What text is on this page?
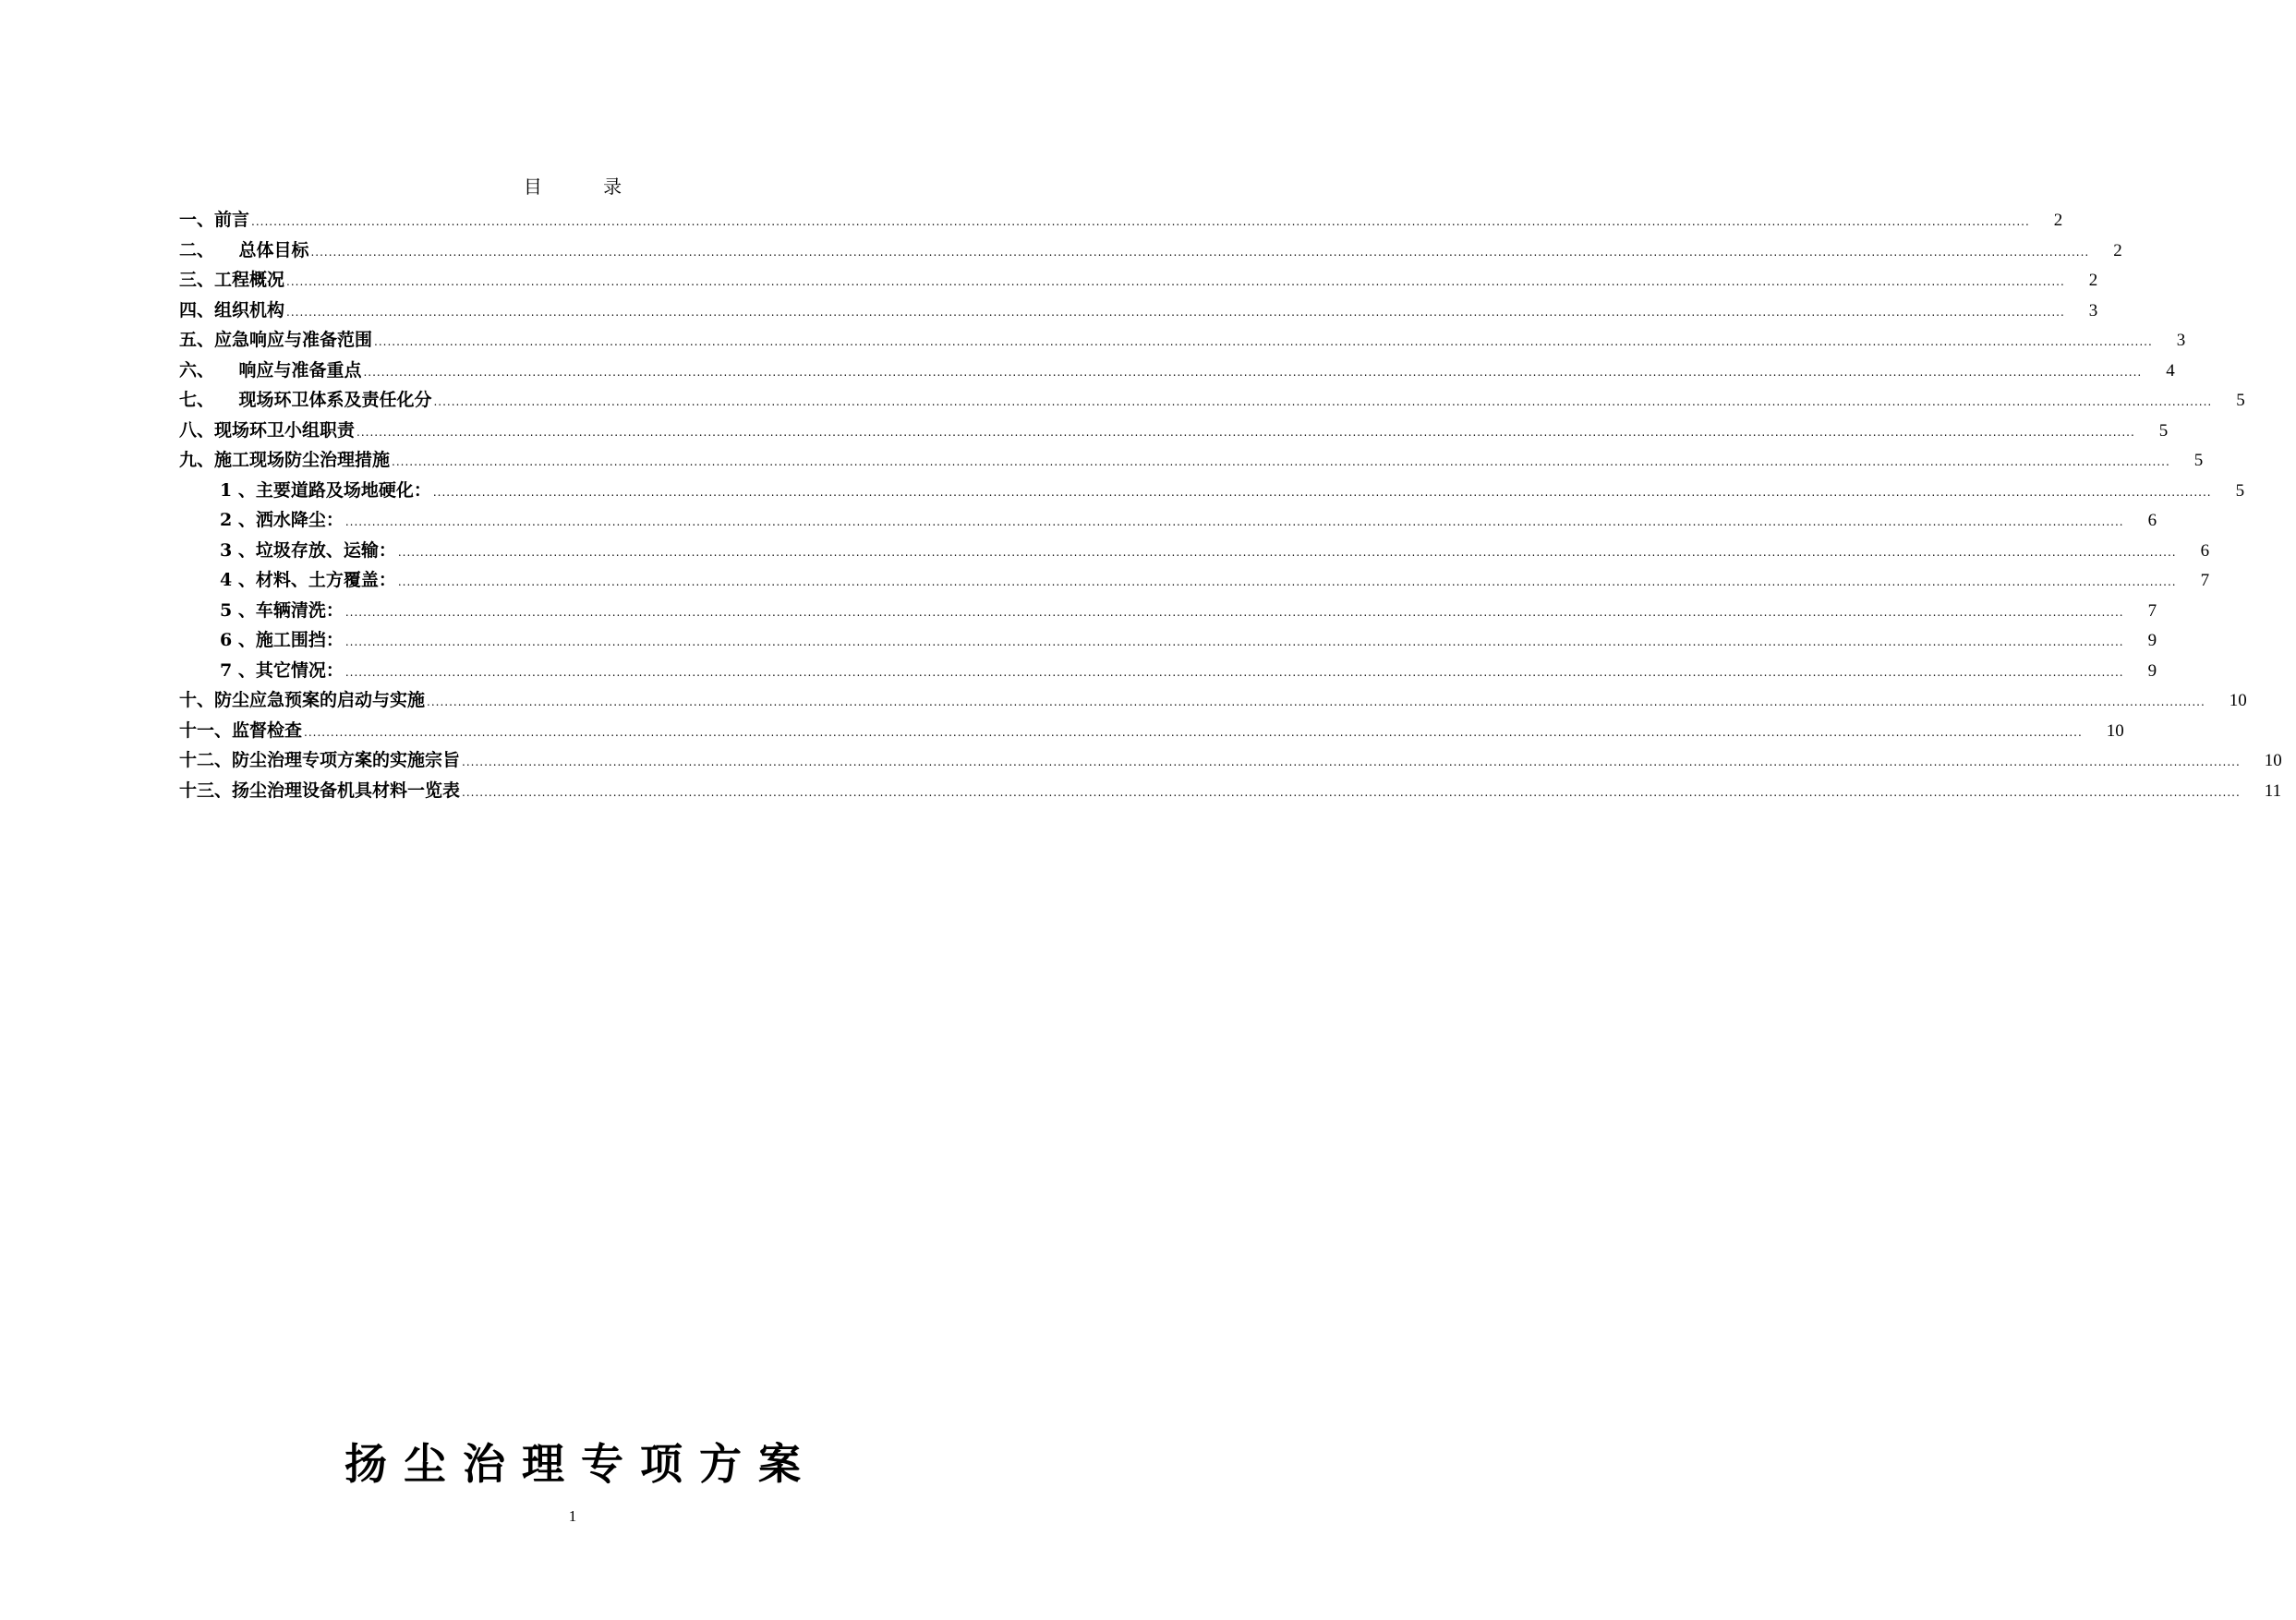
目 录
一、前言 ................................................................................................................................................................................................................................................................................................................................................................................................................	2
二、    总体目标 ................................................................................................................................................................................................................................................................................................................................................................................................................	2
三、工程概况 ................................................................................................................................................................................................................................................................................................................................................................................................................	2
四、组织机构 ................................................................................................................................................................................................................................................................................................................................................................................................................	3
五、应急响应与准备范围 ................................................................................................................................................................................................................................................................................................................................................................................................................	3
六、    响应与准备重点 ................................................................................................................................................................................................................................................................................................................................................................................................................	4
七、    现场环卫体系及责任化分 ................................................................................................................................................................................................................................................................................................................................................................................................................	5
八、现场环卫小组职责 ................................................................................................................................................................................................................................................................................................................................................................................................................	5
九、施工现场防尘治理措施 ................................................................................................................................................................................................................................................................................................................................................................................................................	5
1 、主要道路及场地硬化： ................................................................................................................................................................................................................................................................................................................................................................................................................	5
2 、洒水降尘： ................................................................................................................................................................................................................................................................................................................................................................................................................	6
3 、垃圾存放、运输： ................................................................................................................................................................................................................................................................................................................................................................................................................	6
4 、材料、土方覆盖： ................................................................................................................................................................................................................................................................................................................................................................................................................	7
5 、车辆清洗： ................................................................................................................................................................................................................................................................................................................................................................................................................	7
6 、施工围挡： ................................................................................................................................................................................................................................................................................................................................................................................................................	9
7 、其它情况： ................................................................................................................................................................................................................................................................................................................................................................................................................	9
十、防尘应急预案的启动与实施 ................................................................................................................................................................................................................................................................................................................................................................................................................	10
十一、监督检查 ................................................................................................................................................................................................................................................................................................................................................................................................................	10
十二、防尘治理专项方案的实施宗旨 ................................................................................................................................................................................................................................................................................................................................................................................................................	10
十三、扬尘治理设备机具材料一览表 ................................................................................................................................................................................................................................................................................................................................................................................................................	11
扬尘治理专项方案
1
